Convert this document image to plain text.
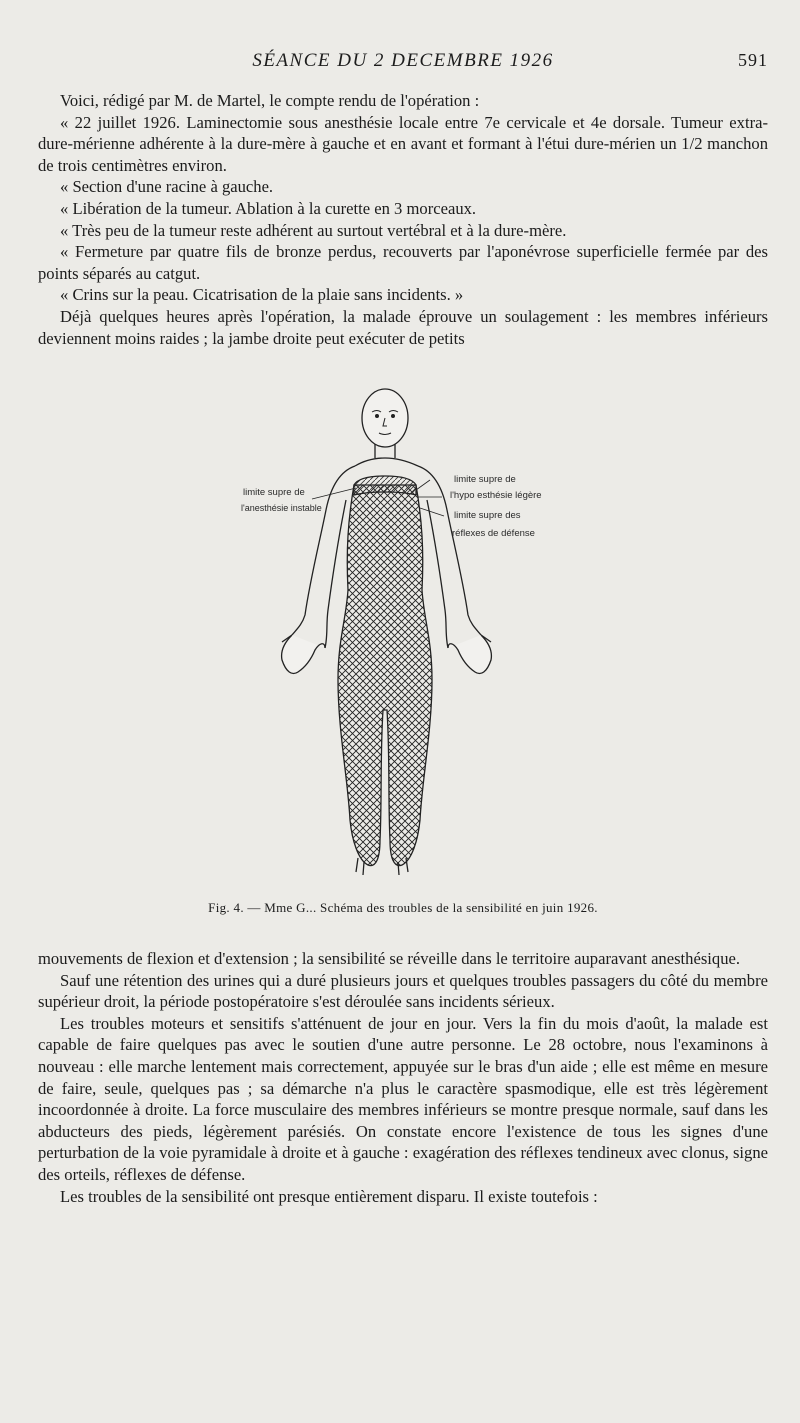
SÉANCE DU 2 DECEMBRE 1926	591

Voici, rédigé par M. de Martel, le compte rendu de l'opération :

« 22 juillet 1926. Laminectomie sous anesthésie locale entre 7e cervicale et 4e dorsale. Tumeur extra-dure-mérienne adhérente à la dure-mère à gauche et en avant et formant à l'étui dure-mérien un 1/2 manchon de trois centimètres environ.

« Section d'une racine à gauche.

« Libération de la tumeur. Ablation à la curette en 3 morceaux.

« Très peu de la tumeur reste adhérent au surtout vertébral et à la dure-mère.

« Fermeture par quatre fils de bronze perdus, recouverts par l'aponévrose superficielle fermée par des points séparés au catgut.

« Crins sur la peau. Cicatrisation de la plaie sans incidents. »

Déjà quelques heures après l'opération, la malade éprouve un soulagement : les membres inférieurs deviennent moins raides ; la jambe droite peut exécuter de petits

limite supre de
l'anesthésie instable
limite supre de
l'hypo esthésie légère
limite supre des
réflexes de défense
Fig. 4. — Mme G... Schéma des troubles de la sensibilité en juin 1926.

mouvements de flexion et d'extension ; la sensibilité se réveille dans le territoire auparavant anesthésique.

Sauf une rétention des urines qui a duré plusieurs jours et quelques troubles passagers du côté du membre supérieur droit, la période postopératoire s'est déroulée sans incidents sérieux.

Les troubles moteurs et sensitifs s'atténuent de jour en jour. Vers la fin du mois d'août, la malade est capable de faire quelques pas avec le soutien d'une autre personne. Le 28 octobre, nous l'examinons à nouveau : elle marche lentement mais correctement, appuyée sur le bras d'un aide ; elle est même en mesure de faire, seule, quelques pas ; sa démarche n'a plus le caractère spasmodique, elle est très légèrement incoordonnée à droite. La force musculaire des membres inférieurs se montre presque normale, sauf dans les abducteurs des pieds, légèrement parésiés. On constate encore l'existence de tous les signes d'une perturbation de la voie pyramidale à droite et à gauche : exagération des réflexes tendineux avec clonus, signe des orteils, réflexes de défense.

Les troubles de la sensibilité ont presque entièrement disparu. Il existe toutefois :
